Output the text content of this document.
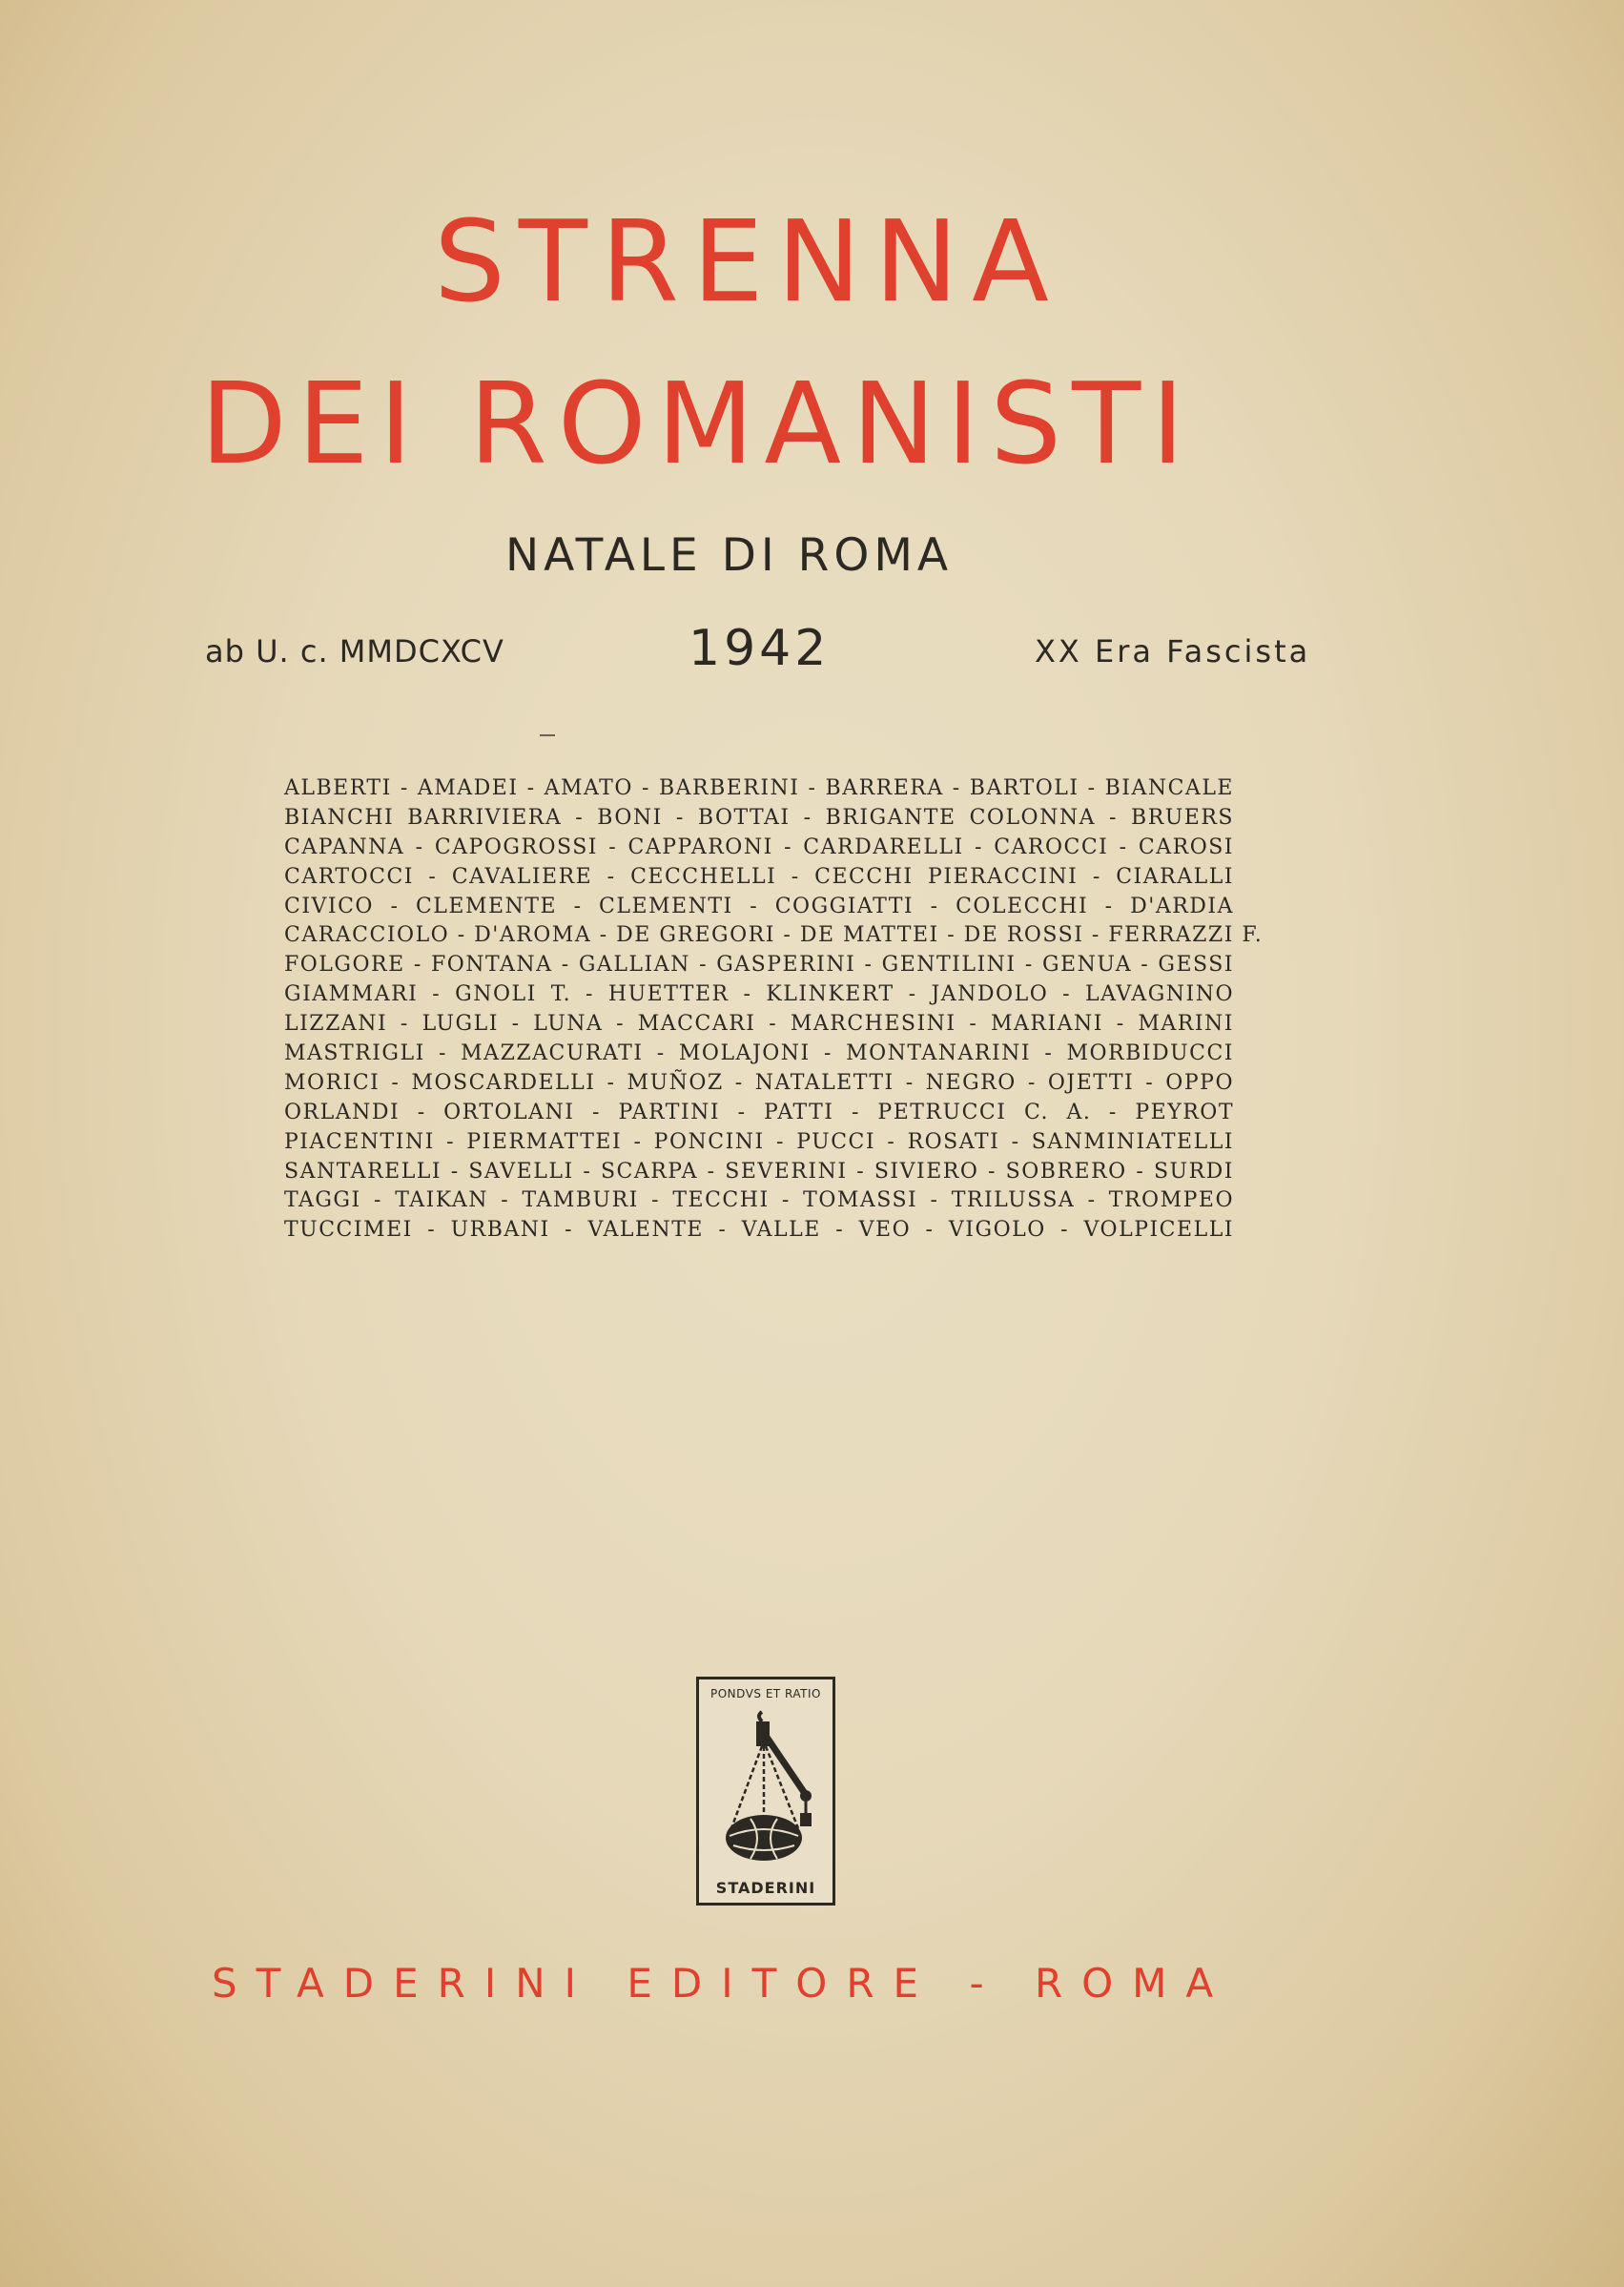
STRENNA
DEI ROMANISTI
NATALE DI ROMA
ab U. c. MMDCXCV	1942	XX Era Fascista
ALBERTI - AMADEI - AMATO - BARBERINI - BARRERA - BARTOLI - BIANCALE
BIANCHI BARRIVIERA - BONI - BOTTAI - BRIGANTE COLONNA - BRUERS
CAPANNA - CAPOGROSSI - CAPPARONI - CARDARELLI - CAROCCI - CAROSI
CARTOCCI - CAVALIERE - CECCHELLI - CECCHI PIERACCINI - CIARALLI
CIVICO - CLEMENTE - CLEMENTI - COGGIATTI - COLECCHI - D'ARDIA
CARACCIOLO - D'AROMA - DE GREGORI - DE MATTEI - DE ROSSI - FERRAZZI F.
FOLGORE - FONTANA - GALLIAN - GASPERINI - GENTILINI - GENUA - GESSI
GIAMMARI - GNOLI T. - HUETTER - KLINKERT - JANDOLO - LAVAGNINO
LIZZANI - LUGLI - LUNA - MACCARI - MARCHESINI - MARIANI - MARINI
MASTRIGLI - MAZZACURATI - MOLAJONI - MONTANARINI - MORBIDUCCI
MORICI - MOSCARDELLI - MUÑOZ - NATALETTI - NEGRO - OJETTI - OPPO
ORLANDI - ORTOLANI - PARTINI - PATTI - PETRUCCI C. A. - PEYROT
PIACENTINI - PIERMATTEI - PONCINI - PUCCI - ROSATI - SANMINIATELLI
SANTARELLI - SAVELLI - SCARPA - SEVERINI - SIVIERO - SOBRERO - SURDI
TAGGI - TAIKAN - TAMBURI - TECCHI - TOMASSI - TRILUSSA - TROMPEO
TUCCIMEI - URBANI - VALENTE - VALLE - VEO - VIGOLO - VOLPICELLI
PONDVS ET RATIO
STADERINI
STADERINI EDITORE - ROMA
